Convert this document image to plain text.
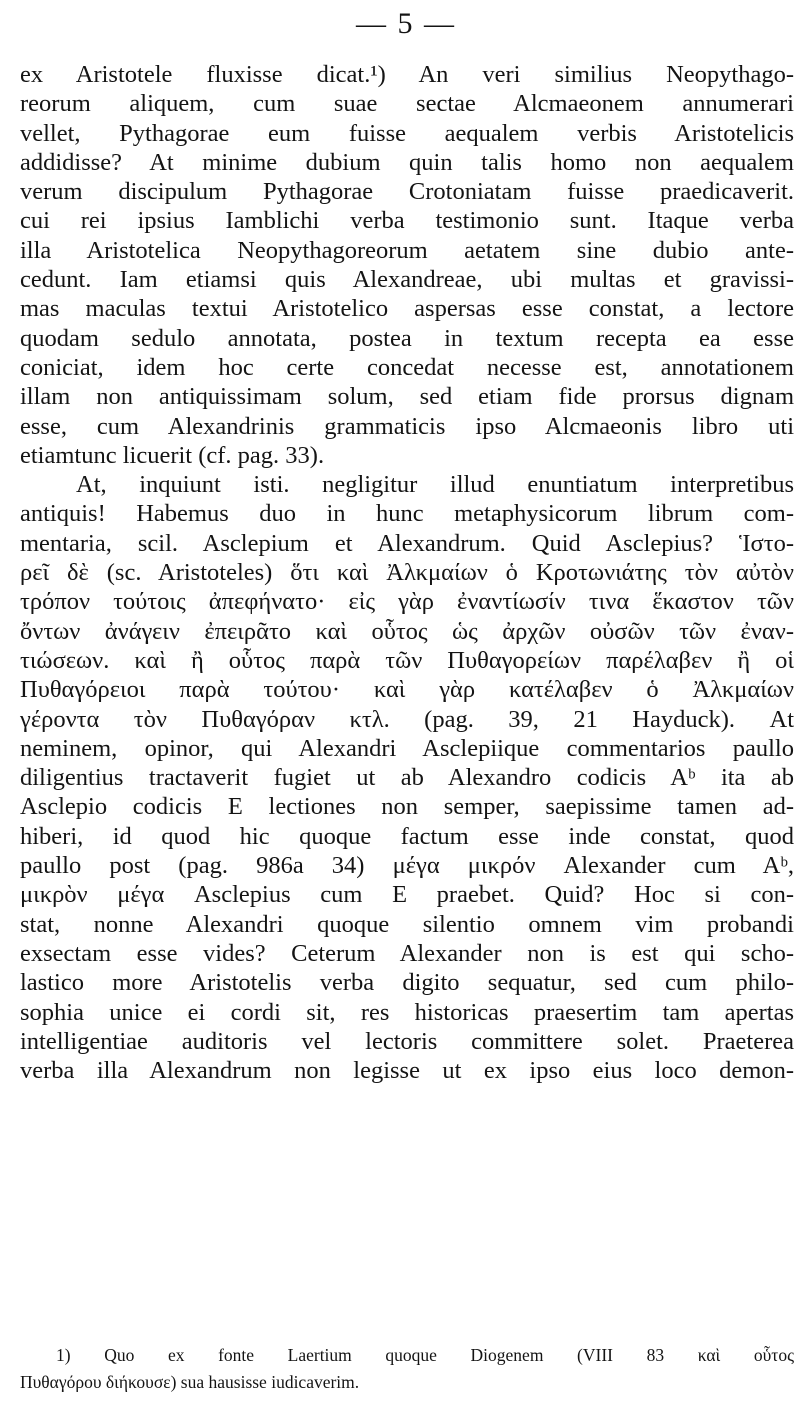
— 5 —
ex Aristotele fluxisse dicat.¹) An veri similius Neopythago-
reorum aliquem, cum suae sectae Alcmaeonem annumerari
vellet, Pythagorae eum fuisse aequalem verbis Aristotelicis
addidisse? At minime dubium quin talis homo non aequalem
verum discipulum Pythagorae Crotoniatam fuisse praedicaverit.
cui rei ipsius Iamblichi verba testimonio sunt. Itaque verba
illa Aristotelica Neopythagoreorum aetatem sine dubio ante-
cedunt. Iam etiamsi quis Alexandreae, ubi multas et gravissi-
mas maculas textui Aristotelico aspersas esse constat, a lectore
quodam sedulo annotata, postea in textum recepta ea esse
coniciat, idem hoc certe concedat necesse est, annotationem
illam non antiquissimam solum, sed etiam fide prorsus dignam
esse, cum Alexandrinis grammaticis ipso Alcmaeonis libro uti
etiamtunc licuerit (cf. pag. 33).
At, inquiunt isti. negligitur illud enuntiatum interpretibus
antiquis! Habemus duo in hunc metaphysicorum librum com-
mentaria, scil. Asclepium et Alexandrum. Quid Asclepius? Ἱστο-
ρεῖ δὲ (sc. Aristoteles) ὅτι καὶ Ἀλκμαίων ὁ Κροτωνιάτης τὸν αὐτὸν
τρόπον τούτοις ἀπεφήνατο· εἰς γὰρ ἐναντίωσίν τινα ἕκαστον τῶν
ὄντων ἀνάγειν ἐπειρᾶτο καὶ οὗτος ὡς ἀρχῶν οὐσῶν τῶν ἐναν-
τιώσεων. καὶ ἢ οὗτος παρὰ τῶν Πυθαγορείων παρέλαβεν ἢ οἱ
Πυθαγόρειοι παρὰ τούτου· καὶ γὰρ κατέλαβεν ὁ Ἀλκμαίων
γέροντα τὸν Πυθαγόραν κτλ. (pag. 39, 21 Hayduck). At
neminem, opinor, qui Alexandri Asclepiique commentarios paullo
diligentius tractaverit fugiet ut ab Alexandro codicis Aᵇ ita ab
Asclepio codicis E lectiones non semper, saepissime tamen ad-
hiberi, id quod hic quoque factum esse inde constat, quod
paullo post (pag. 986a 34) μέγα μικρόν Alexander cum Aᵇ,
μικρὸν μέγα Asclepius cum E praebet. Quid? Hoc si con-
stat, nonne Alexandri quoque silentio omnem vim probandi
exsectam esse vides? Ceterum Alexander non is est qui scho-
lastico more Aristotelis verba digito sequatur, sed cum philo-
sophia unice ei cordi sit, res historicas praesertim tam apertas
intelligentiae auditoris vel lectoris committere solet. Praeterea
verba illa Alexandrum non legisse ut ex ipso eius loco demon-
1) Quo ex fonte Laertium quoque Diogenem (VIII 83 καὶ οὗτος
Πυθαγόρου διήκουσε) sua hausisse iudicaverim.
